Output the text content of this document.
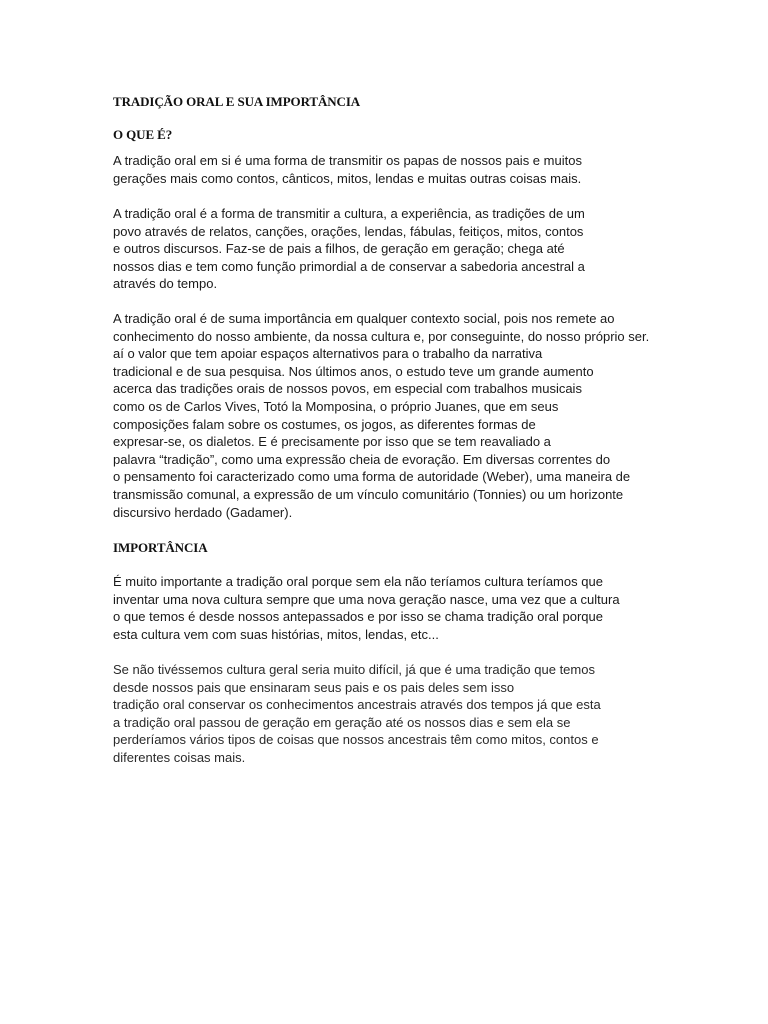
TRADIÇÃO ORAL E SUA IMPORTÂNCIA
O QUE É?
A tradição oral em si é uma forma de transmitir os papas de nossos pais e muitos
gerações mais como contos, cânticos, mitos, lendas e muitas outras coisas mais.
A tradição oral é a forma de transmitir a cultura, a experiência, as tradições de um
povo através de relatos, canções, orações, lendas, fábulas, feitiços, mitos, contos
e outros discursos. Faz-se de pais a filhos, de geração em geração; chega até
nossos dias e tem como função primordial a de conservar a sabedoria ancestral a
através do tempo.
A tradição oral é de suma importância em qualquer contexto social, pois nos remete ao
conhecimento do nosso ambiente, da nossa cultura e, por conseguinte, do nosso próprio ser.
aí o valor que tem apoiar espaços alternativos para o trabalho da narrativa
tradicional e de sua pesquisa. Nos últimos anos, o estudo teve um grande aumento
acerca das tradições orais de nossos povos, em especial com trabalhos musicais
como os de Carlos Vives, Totó la Momposina, o próprio Juanes, que em seus
composições falam sobre os costumes, os jogos, as diferentes formas de
expresar-se, os dialetos. E é precisamente por isso que se tem reavaliado a
palavra “tradição”, como uma expressão cheia de evoração. Em diversas correntes do
o pensamento foi caracterizado como uma forma de autoridade (Weber), uma maneira de
transmissão comunal, a expressão de um vínculo comunitário (Tonnies) ou um horizonte
discursivo herdado (Gadamer).
IMPORTÂNCIA
É muito importante a tradição oral porque sem ela não teríamos cultura teríamos que
inventar uma nova cultura sempre que uma nova geração nasce, uma vez que a cultura
o que temos é desde nossos antepassados e por isso se chama tradição oral porque
esta cultura vem com suas histórias, mitos, lendas, etc...
Se não tivéssemos cultura geral seria muito difícil, já que é uma tradição que temos
desde nossos pais que ensinaram seus pais e os pais deles sem isso
tradição oral conservar os conhecimentos ancestrais através dos tempos já que esta
a tradição oral passou de geração em geração até os nossos dias e sem ela se
perderíamos vários tipos de coisas que nossos ancestrais têm como mitos, contos e
diferentes coisas mais.
